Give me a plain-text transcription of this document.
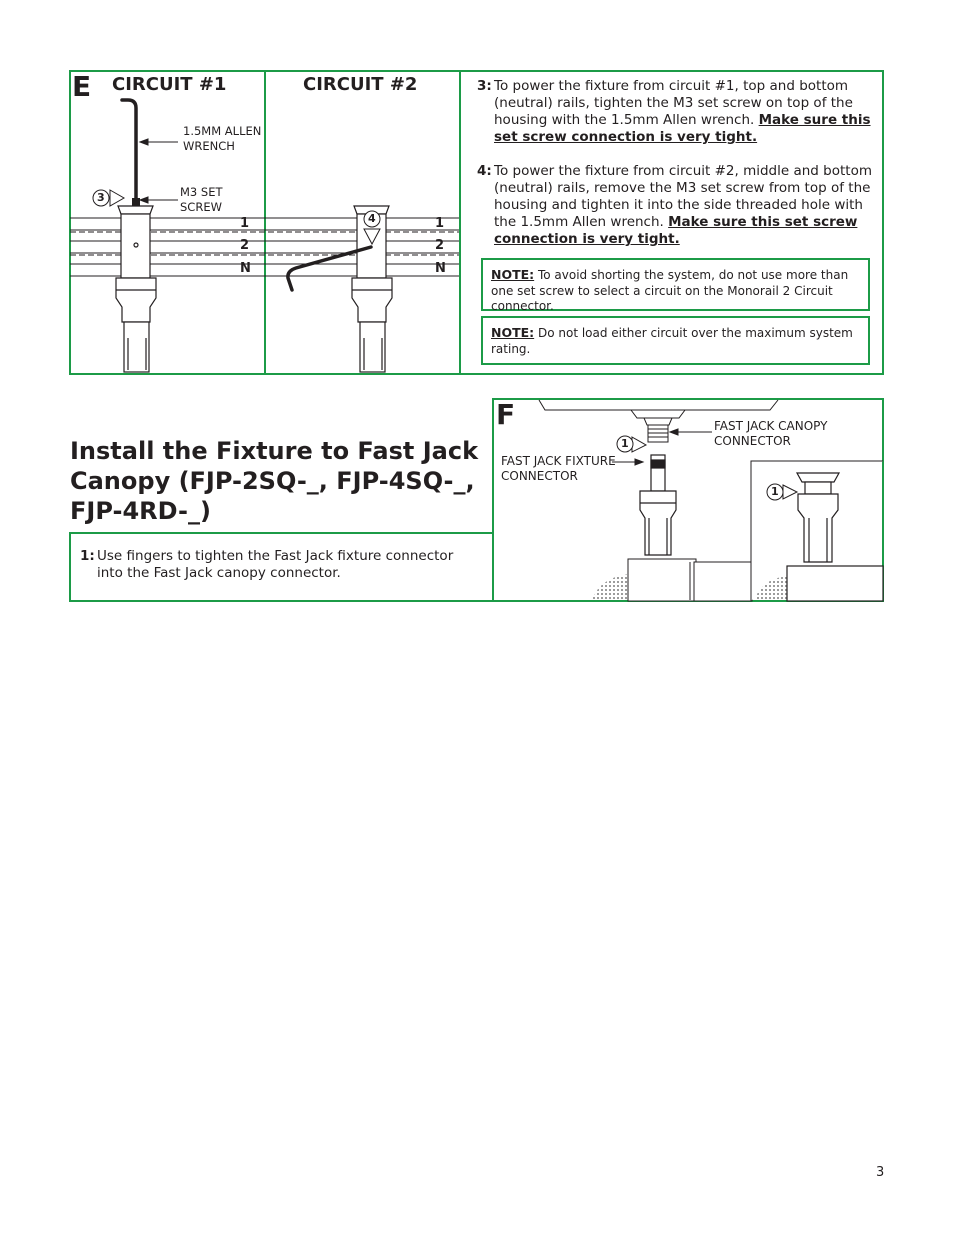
E CIRCUIT #1	CIRCUIT #2
3
4
1.5MM ALLEN
WRENCH
M3 SET
SCREW
1
2
N
1
2
N
3: To power the fixture from circuit #1, top and bottom (neutral) rails, tighten the M3 set screw on top of the housing with the 1.5mm Allen wrench. Make sure this set screw connection is very tight.
4: To power the fixture from circuit #2, middle and bottom (neutral) rails, remove the M3 set screw from top of the housing and tighten it into the side threaded hole with the 1.5mm Allen wrench. Make sure this set screw connection is very tight.
NOTE: To avoid shorting the system, do not use more than one set screw to select a circuit on the Monorail 2 Circuit connector.
NOTE: Do not load either circuit over the maximum system rating.
Install the Fixture to Fast Jack Canopy (FJP-2SQ-_, FJP-4SQ-_, FJP-4RD-_)
1: Use fingers to tighten the Fast Jack fixture connector into the Fast Jack canopy connector.
F
1
1
FAST JACK CANOPY
CONNECTOR
FAST JACK FIXTURE
CONNECTOR
3
